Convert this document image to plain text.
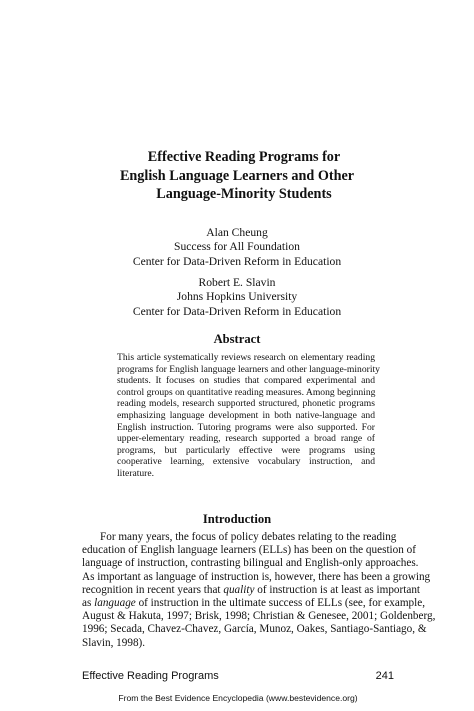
Effective Reading Programs for
English Language Learners and Other
Language-Minority Students
Alan Cheung
Success for All Foundation
Center for Data-Driven Reform in Education
Robert E. Slavin
Johns Hopkins University
Center for Data-Driven Reform in Education
Abstract
This article systematically reviews research on elementary reading
programs for English language learners and other language-minority
students. It focuses on studies that compared experimental and
control groups on quantitative reading measures. Among beginning
reading models, research supported structured, phonetic programs
emphasizing language development in both native-language and
English instruction. Tutoring programs were also supported. For
upper-elementary reading, research supported a broad range of
programs, but particularly effective were programs using
cooperative learning, extensive vocabulary instruction, and
literature.
Introduction
For many years, the focus of policy debates relating to the reading
education of English language learners (ELLs) has been on the question of
language of instruction, contrasting bilingual and English-only approaches.
As important as language of instruction is, however, there has been a growing
recognition in recent years that quality of instruction is at least as important
as language of instruction in the ultimate success of ELLs (see, for example,
August & Hakuta, 1997; Brisk, 1998; Christian & Genesee, 2001; Goldenberg,
1996; Secada, Chavez-Chavez, García, Munoz, Oakes, Santiago-Santiago, &
Slavin, 1998).
Effective Reading Programs	241
From the Best Evidence Encyclopedia (www.bestevidence.org)
